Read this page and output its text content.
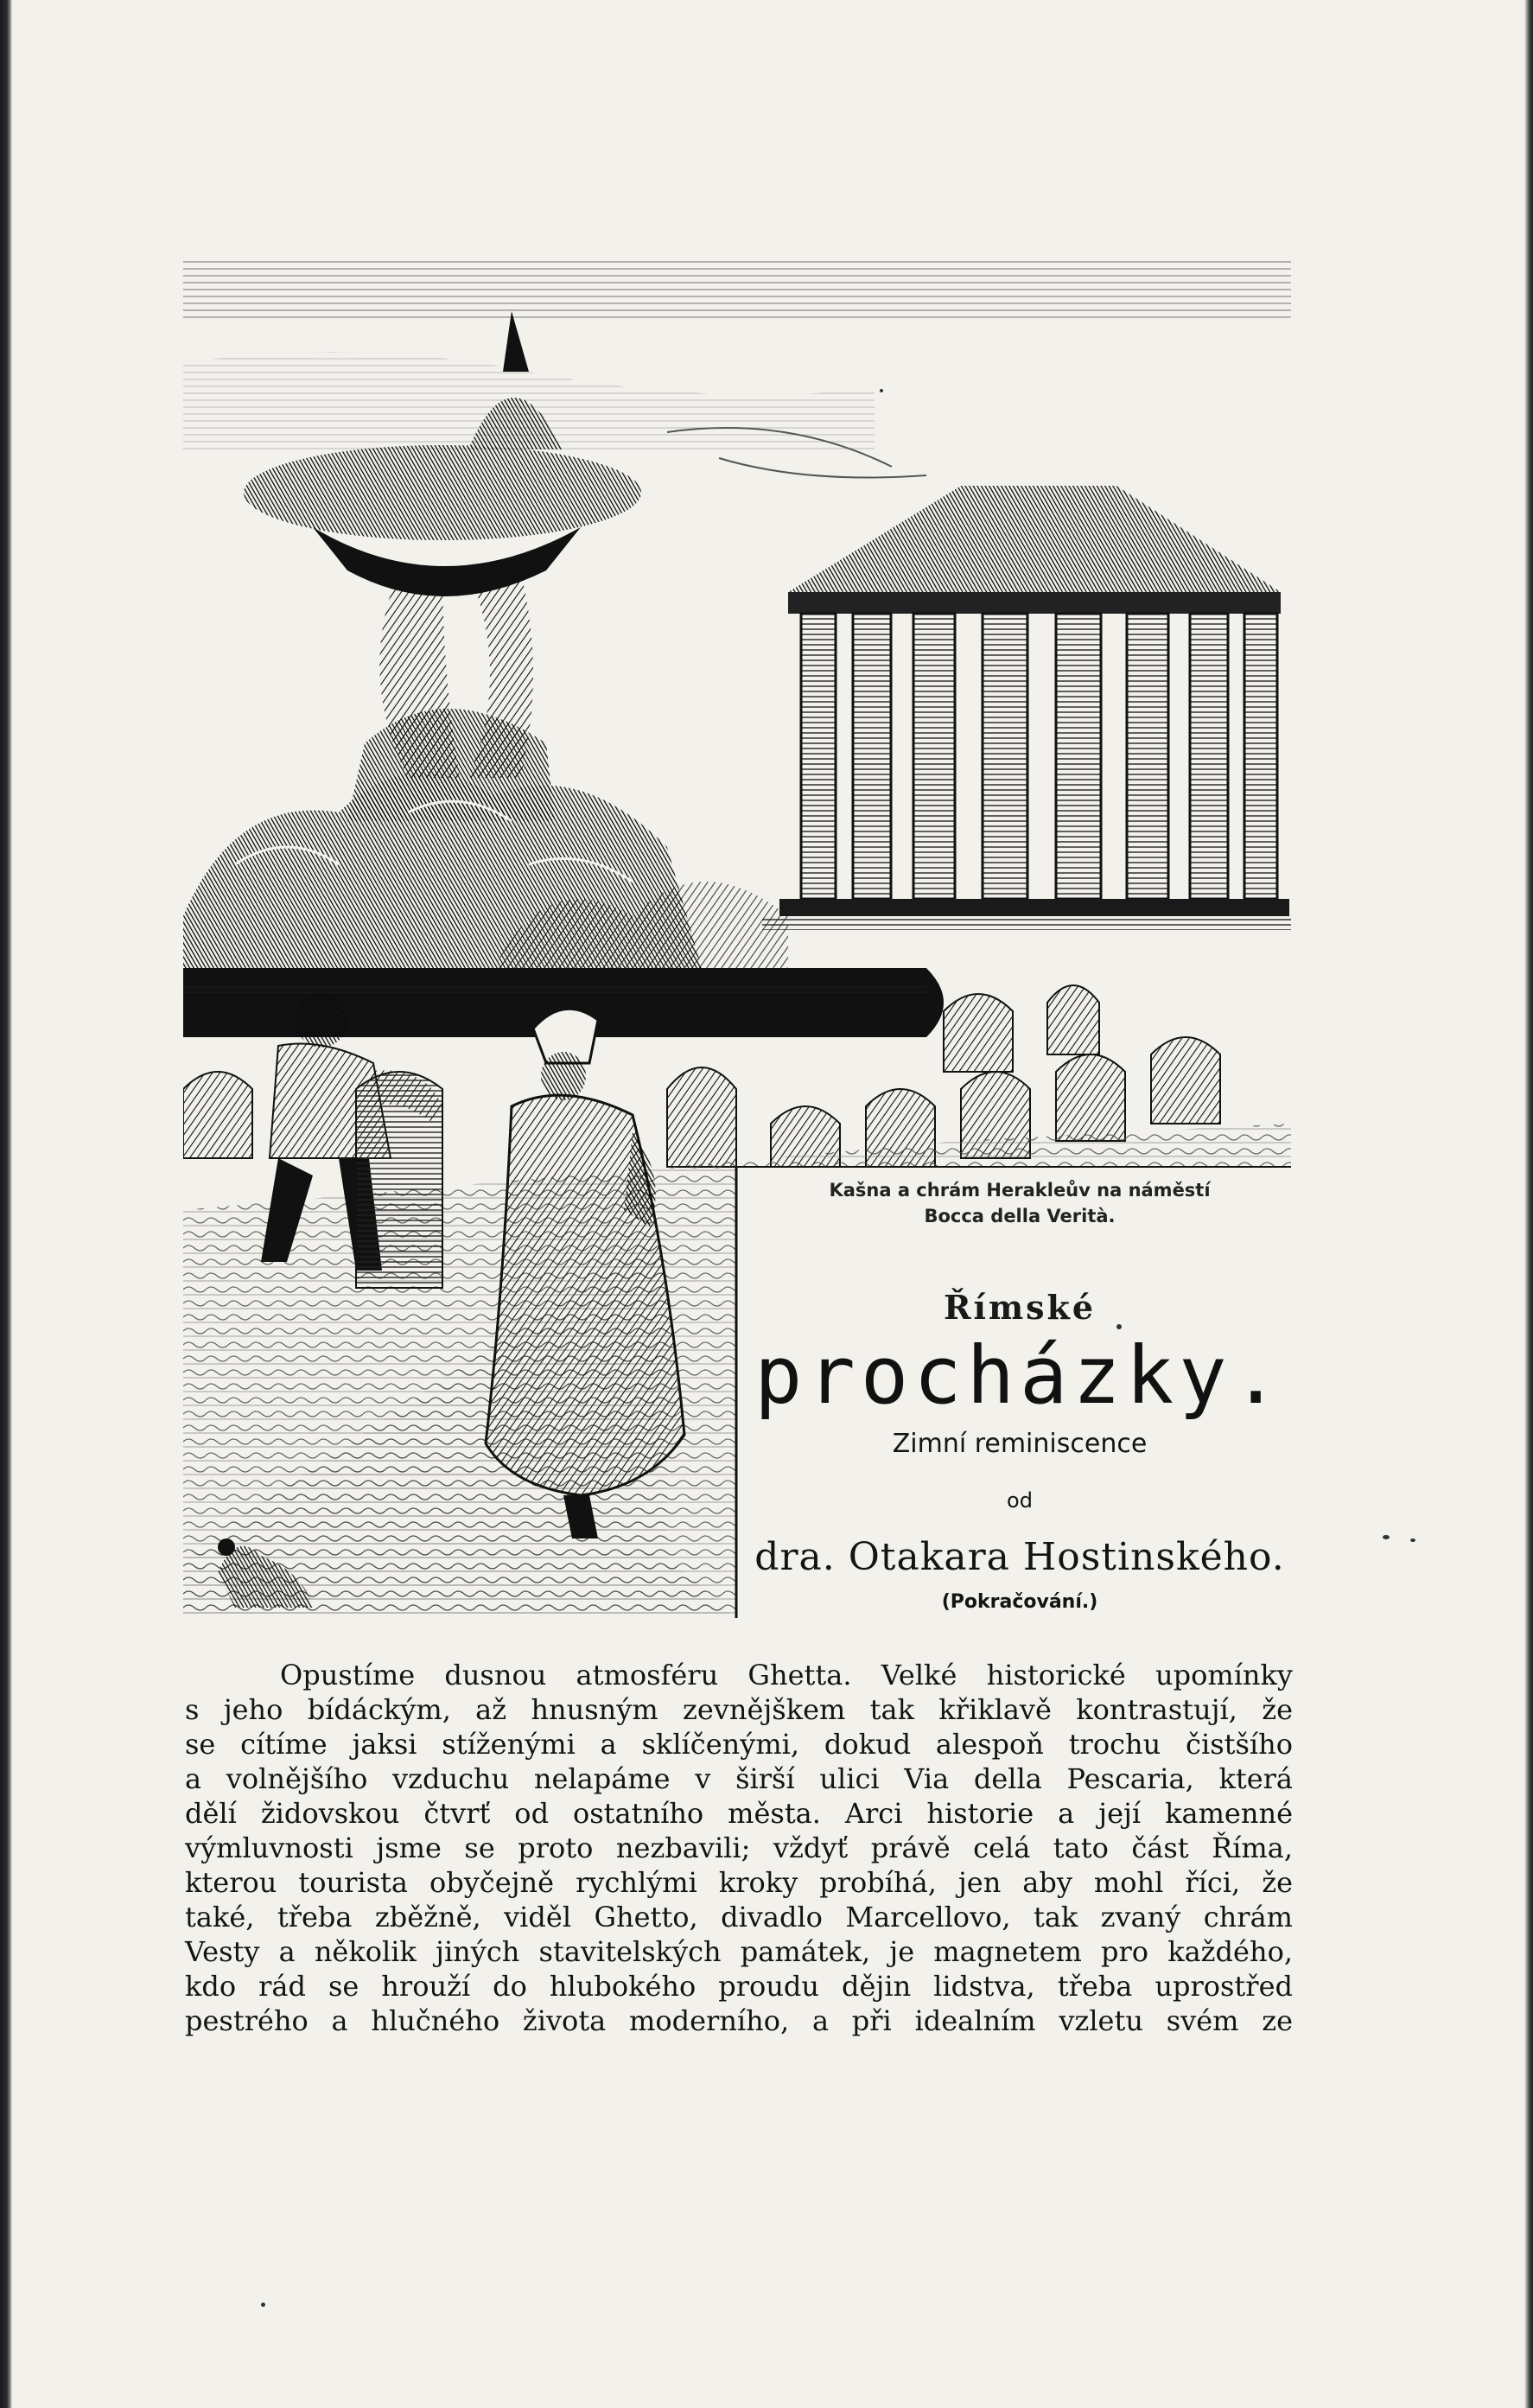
Kašna a chrám Herakleův na náměstí
Bocca della Verità.
Římské
procházky.
Zimní reminiscence
od
dra. Otakara Hostinského.
(Pokračování.)
Opustíme dusnou atmosféru Ghetta. Velké historické upomínky
s jeho bídáckým, až hnusným zevnějškem tak křiklavě kontrastují, že
se cítíme jaksi stíženými a sklíčenými, dokud alespoň trochu čistšího
a volnějšího vzduchu nelapáme v širší ulici Via della Pescaria, která
dělí židovskou čtvrť od ostatního města. Arci historie a její kamenné
výmluvnosti jsme se proto nezbavili; vždyť právě celá tato část Říma,
kterou tourista obyčejně rychlými kroky probíhá, jen aby mohl říci, že
také, třeba zběžně, viděl Ghetto, divadlo Marcellovo, tak zvaný chrám
Vesty a několik jiných stavitelských památek, je magnetem pro každého,
kdo rád se hrouží do hlubokého proudu dějin lidstva, třeba uprostřed
pestrého a hlučného života moderního, a při idealním vzletu svém ze
